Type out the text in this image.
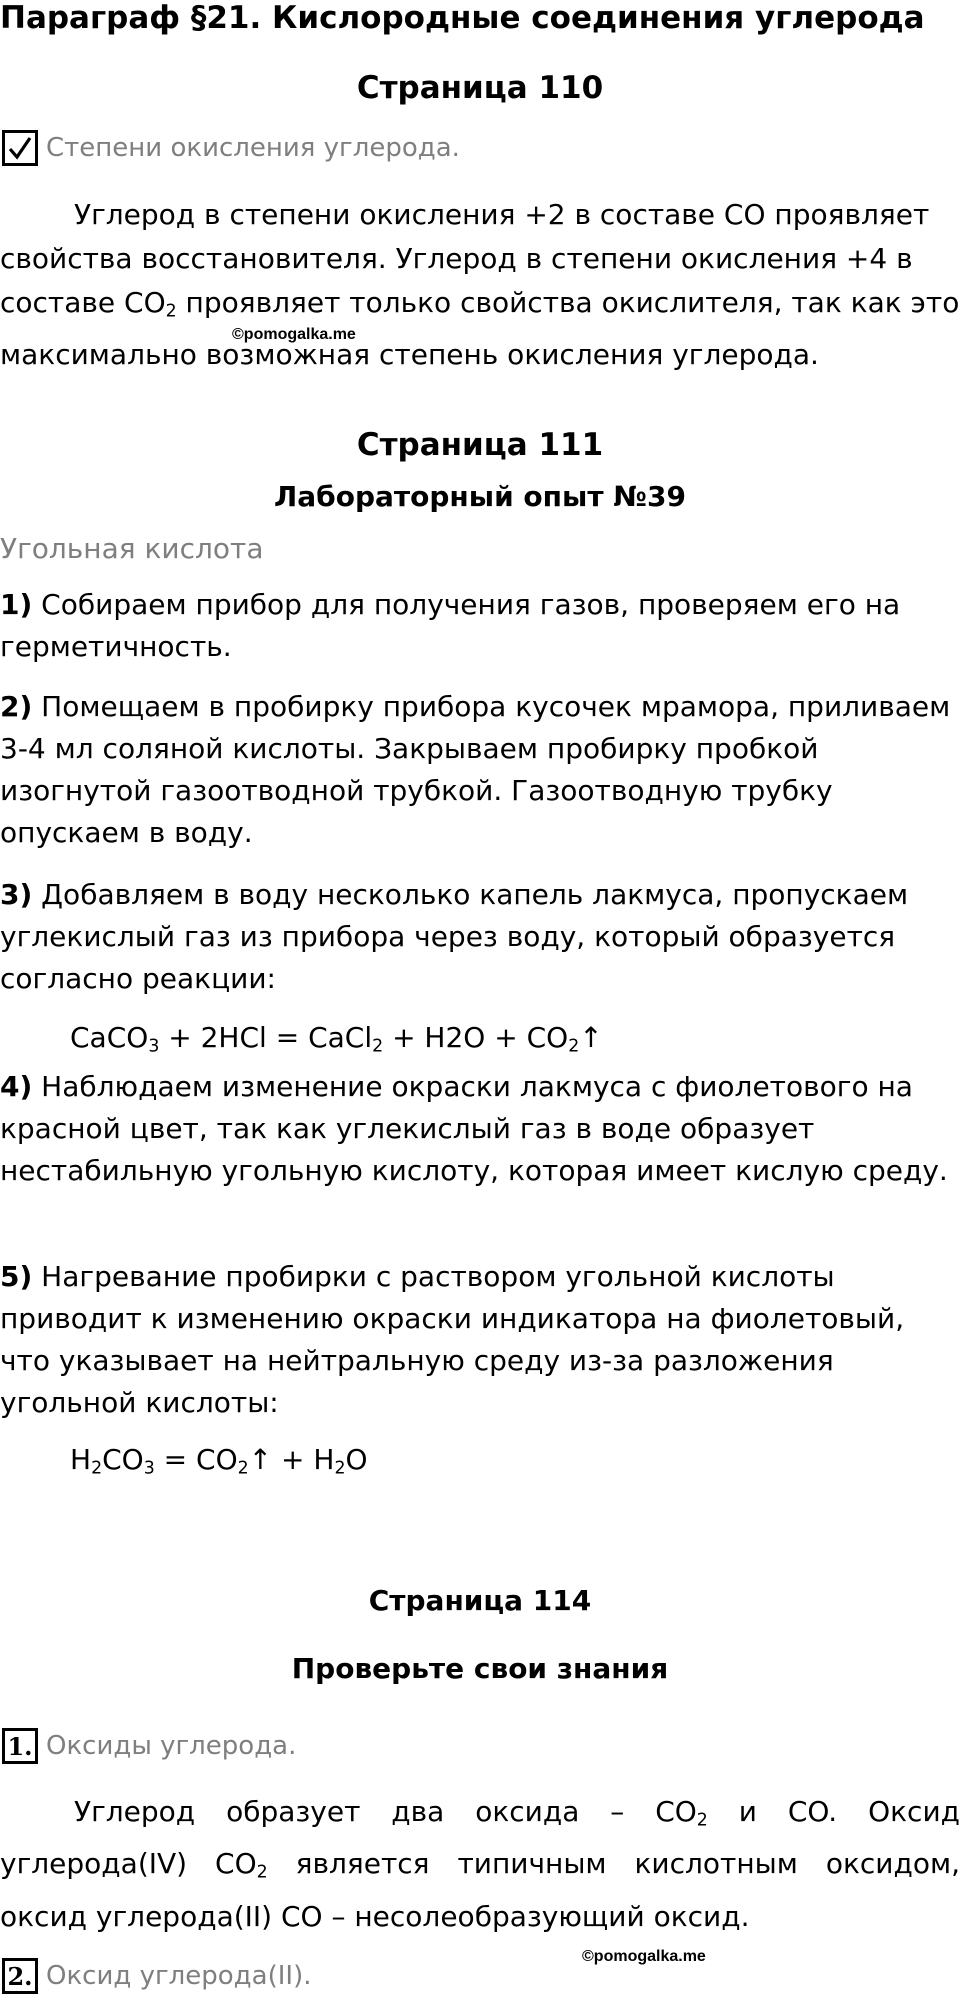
Параграф §21. Кислородные соединения углерода
Страница 110
Степени окисления углерода.
Углерод в степени окисления +2 в составе СО проявляет свойства восстановителя. Углерод в степени окисления +4 в составе $СО_2$ проявляет только свойства окислителя, так как это максимально возможная степень окисления углерода.
©pomogalka.me
Страница 111
Лабораторный опыт №39
Угольная кислота
1) Собираем прибор для получения газов, проверяем его на герметичность.
2) Помещаем в пробирку прибора кусочек мрамора, приливаем 3-4 мл соляной кислоты. Закрываем пробирку пробкой изогнутой газоотводной трубкой. Газоотводную трубку опускаем в воду.
3) Добавляем в воду несколько капель лакмуса, пропускаем углекислый газ из прибора через воду, который образуется согласно реакции:
CaCO$_3$ + 2HCl = CaCl$_2$ + $H2O + CO_2↑$
4) Наблюдаем изменение окраски лакмуса с фиолетового на красной цвет, так как углекислый газ в воде образует нестабильную угольную кислоту, которая имеет кислую среду.
5) Нагревание пробирки с раствором угольной кислоты приводит к изменению окраски индикатора на фиолетовый, что указывает на нейтральную среду из-за разложения угольной кислоты:
$H_2CO_3$ = $CO_2↑ + H_2O$
Страница 114
Проверьте свои знания
1. Оксиды углерода.
Углерод образует два оксида – $CO_2$ и CO. Оксид углерода(IV) $CO_2$ является типичным кислотным оксидом, оксид углерода(II) CO – несолеобразующий оксид.
2. Оксид углерода(II).
©pomogalka.me
